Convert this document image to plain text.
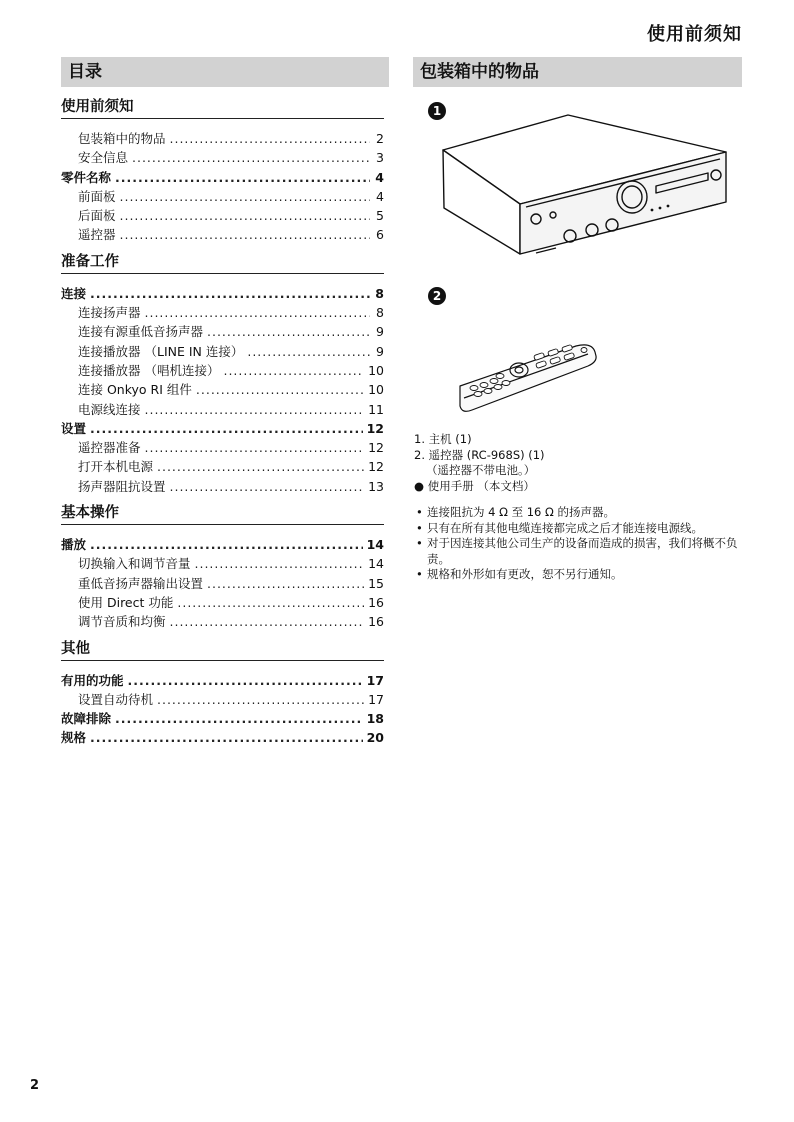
使用前须知
目录	包装箱中的物品
使用前须知
包装箱中的物品 .....	2
安全信息 .....	3
零件名称 .....	4
前面板 .....	4
后面板 .....	5
遥控器 .....	6
准备工作
连接 .....	8
连接扬声器 .....	8
连接有源重低音扬声器 .....	9
连接播放器 （LINE IN 连接） .....	9
连接播放器 （唱机连接） .....	10
连接 Onkyo RI 组件 .....	10
电源线连接 .....	11
设置 .....	12
遥控器准备 .....	12
打开本机电源 .....	12
扬声器阻抗设置 .....	13
基本操作
播放 .....	14
切换输入和调节音量 .....	14
重低音扬声器输出设置 .....	15
使用 Direct 功能 .....	16
调节音质和均衡 .....	16
其他
有用的功能 .....	17
设置自动待机 .....	17
故障排除 .....	18
规格 .....	20
1
2
1. 主机 (1)
2. 遥控器 (RC-968S) (1)
（遥控器不带电池。）
● 使用手册 （本文档）
• 连接阻抗为 4 Ω 至 16 Ω 的扬声器。
• 只有在所有其他电缆连接都完成之后才能连接电源线。
• 对于因连接其他公司生产的设备而造成的损害，我们将概不负责。
• 规格和外形如有更改，恕不另行通知。
2
